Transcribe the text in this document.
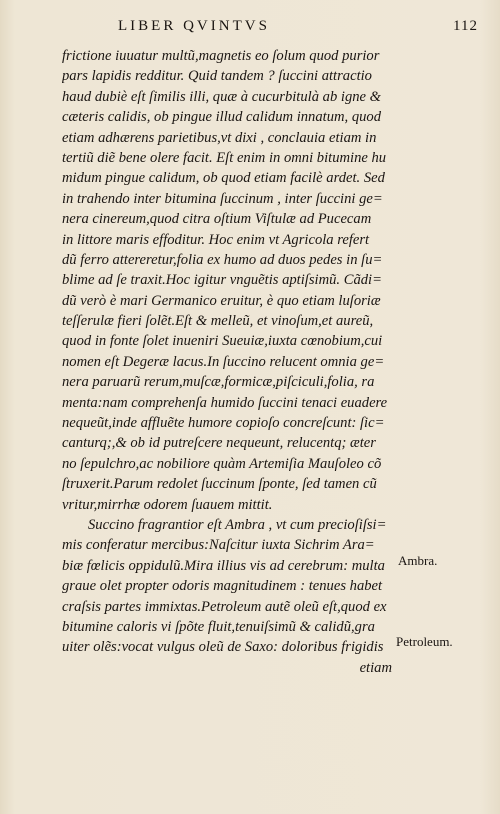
LIBER QVINTVS	112
frictione iuuatur multũ,magnetis eo ſolum quod purior
pars lapidis redditur. Quid tandem ? ſuccini attractio
haud dubiè eſt ſimilis illi, quæ à cucurbitulà ab igne &
cæteris calidis, ob pingue illud calidum innatum, quod
etiam adhærens parietibus,vt dixi , conclauia etiam in
tertiũ diẽ bene olere facit. Eſt enim in omni bitumine hu
midum pingue calidum, ob quod etiam facilè ardet. Sed
in trahendo inter bitumina ſuccinum , inter ſuccini ge=
nera cinereum,quod citra oſtium Viſtulæ ad Pucecam
in littore maris effoditur. Hoc enim vt Agricola refert
dũ ferro attereretur,folia ex humo ad duos pedes in ſu=
blime ad ſe traxit.Hoc igitur vnguẽtis aptiſsimũ. Cãdi=
dũ verò è mari Germanico eruitur, è quo etiam luſoriæ
teſſerulæ fieri ſolẽt.Eſt & melleũ, et vinoſum,et aureũ,
quod in fonte ſolet inueniri Sueuiæ,iuxta cœnobium,cui
nomen eſt Degeræ lacus.In ſuccino relucent omnia ge=
nera paruarũ rerum,muſcæ,formicæ,piſciculi,folia, ra
menta:nam comprehenſa humido ſuccini tenaci euadere
nequeũt,inde affluẽte humore copioſo concreſcunt: ſic=
canturq;,& ob id putreſcere nequeunt, relucentq; æter
no ſepulchro,ac nobiliore quàm Artemiſia Mauſoleo cõ
ſtruxerit.Parum redolet ſuccinum ſponte, ſed tamen cũ
vritur,mirrhæ odorem ſuauem mittit.
Succino fragrantior eſt Ambra , vt cum preciοſiſsi=
mis conferatur mercibus:Naſcitur iuxta Sichrim Ara=
biæ fœlicis oppidulũ.Mira illius vis ad cerebrum: multa
graue olet propter odoris magnitudinem : tenues habet
craſsis partes immixtas.Petroleum autẽ oleũ eſt,quod ex
bitumine caloris vi ſpõte fluit,tenuiſsimũ & calidũ,gra
uiter olẽs:vocat vulgus oleũ de Saxo: doloribus frigidis
etiam
Ambra.
Petroleum.
